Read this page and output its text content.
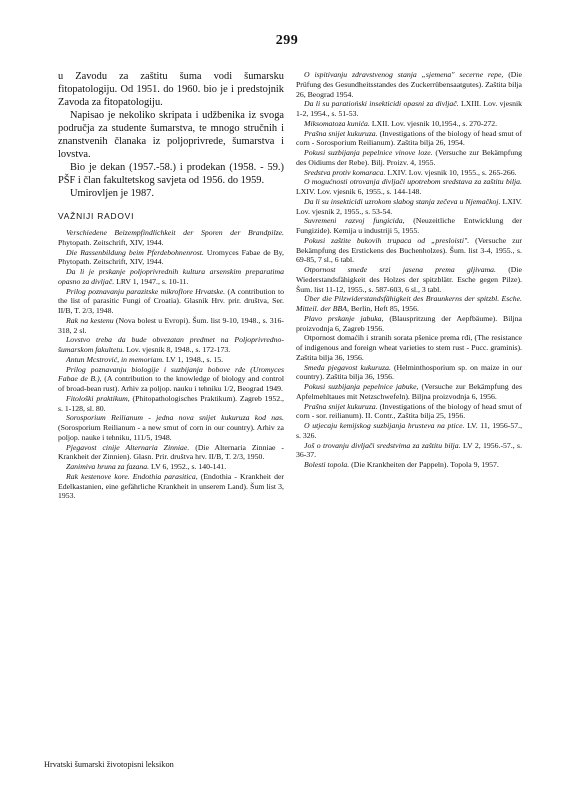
299

u Zavodu za zaštitu šuma vodi šumarsku fitopatologiju. Od 1951. do 1960. bio je i predstojnik Zavoda za fitopatologiju.

Napisao je nekoliko skripata i udžbenika iz svoga područja za studente šumarstva, te mnogo stručnih i znanstvenih članaka iz poljoprivrede, šumarstva i lovstva.

Bio je dekan (1957.-58.) i prodekan (1958. - 59.) PŠF i član fakultetskog savjeta od 1956. do 1959.

Umirovljen je 1987.

VAŽNIJI RADOVI

Verschiedene Beizempfindlichkeit der Sporen der Brandpilze. Phytopath. Zeitschrift, XIV, 1944.

Die Rassenbildung beim Pferdebohnenrost. Uromyces Fabae de By, Phytopath. Zeitschrift, XIV, 1944.

Da li je prskanje poljoprivrednih kultura arsenskim preparatima opasno za divljač. LRV 1, 1947., s. 10-11.

Prilog poznavanju parazitske mikroflore Hrvatske. (A contribution to the list of parasitic Fungi of Croatia). Glasnik Hrv. prir. društva, Ser. II/B, T. 2/3, 1948.

Rak na kestenu (Nova bolest u Evropi). Šum. list 9-10, 1948., s. 316-318, 2 sl.

Lovstvo treba da bude obvezatan predmet na Poljoprivredno-šumarskom fakultetu. Lov. vjesnik 8, 1948., s. 172-173.

Antun Mcstrović, in memoriam. LV 1, 1948., s. 15.

Prilog poznavanju biologije i suzbijanja bobove rđe (Uromyces Fabae de B.), (A contribution to the knowledge of biology and control of broad-bean rust). Arhiv za poljop. nauku i tehniku 1/2, Beograd 1949.

Fitološki praktikum, (Phitopathologisches Praktikum). Zagreb 1952., s. 1-128, sl. 80.

Sorosporium Reilianum - jedna nova snijet kukuruza kod nas. (Sorosporium Reilianum - a new smut of corn in our country). Arhiv za poljop. nauke i tehniku, 111/5, 1948.

Pjegavost cinije Alternaria Zinniae. (Die Alternaria Zinniae - Krankheit der Zinnien). Glasn. Prir. društva hrv. II/B, T. 2/3, 1950.

Zanimiva hruna za fazana. LV 6, 1952., s. 140-141.

Rak kestenove kore. Endothia parasitica, (Endothia - Krankheit der Edelkastanien, eine gefährliche Krankheit in unserem Land). Šum list 3, 1953.

O ispitivanju zdravstvenog stanja „sjemena" secerne repe, (Die Prüfung des Gesundheitsstandes des Zuckerrübensaatgutes). Zaštita bilja 26, Beograd 1954.

Da li su paratioński insekticidi opasni za divljač. LXIII. Lov. vjesnik 1-2, 1954., s. 51-53.

Miksomatoza kunića. LXII. Lov. vjesnik 10,1954., s. 270-272.

Prašna snijet kukuruza. (Investigations of the biology of head smut of corn - Sorosporium Reilianum). Zaštita bilja 26, 1954.

Pokusi suzbijanja pepelnice vinove loze. (Versuche zur Bekämpfung des Oidiums der Rebe). Bilj. Proizv. 4, 1955.

Sredstva protiv komaraca. LXIV. Lov. vjesnik 10, 1955., s. 265-266.

O mogućnosti otrovanja divljači upotrebom sredstava za zaštitu bilja. LXIV. Lov. vjesnik 6, 1955., s. 144-148.

Da li su insekticidi uzrokom slabog stanja zečeva u Njemačkoj. LXIV. Lov. vjesnik 2, 1955., s. 53-54.

Suvremeni razvoj fungicida, (Neuzeitliche Entwicklung der Fungizide). Kemija u industriji 5, 1955.

Pokusi zaštite bukovih trupaca od „presloisti". (Versuche zur Bekämpfung des Erstickens des Buchenholzes). Šum. list 3-4, 1955., s. 69-85, 7 sl., 6 tabl.

Otpornost smeđe srzi jasena prema gljivama. (Die Wiederstandsfähigkeit des Holzes der spitzblätr. Esche gegen Pilze). Šum. list 11-12, 1955., s. 587-603, 6 sl., 3 tabl.

Über die Pilzwiderstandsfähigkeit des Braunkerns der spitzbl. Esche. Mitteil. der BBA, Berlin, Heft 85, 1956.

Plavo prskanje jabuka, (Blauspritzung der Aepfbäume). Biljna proizvodnja 6, Zagreb 1956.

Otpornost domaćih i stranih sorata pšenice prema rđi, (The resistance of indigenous and foreign wheat varieties to stem rust - Pucc. graminis). Zaštita bilja 36, 1956.

Smeđa pjegavost kukuruza. (Helminthosporium sp. on maize in our country). Zaštita bilja 36, 1956.

Pokusi suzbijanja pepelnice jabuke, (Versuche zur Bekämpfung des Apfelmehltaues mit Netzschwefeln). Biljna proizvodnja 6, 1956.

Prašna snijet kukuruza. (Investigations of the biology of head smut of corn - sor. reilianum). II. Contr., Zaštita bilja 25, 1956.

O utjecaju kemijskog suzbijanja hrusteva na ptice. LV. 11, 1956-57., s. 326.

Još o trovanju divljači sredstvima za zaštitu bilja. LV 2, 1956.-57., s. 36-37.

Bolesti topola. (Die Krankheiten der Pappeln). Topola 9, 1957.

Hrvatski šumarski životopisni leksikon
